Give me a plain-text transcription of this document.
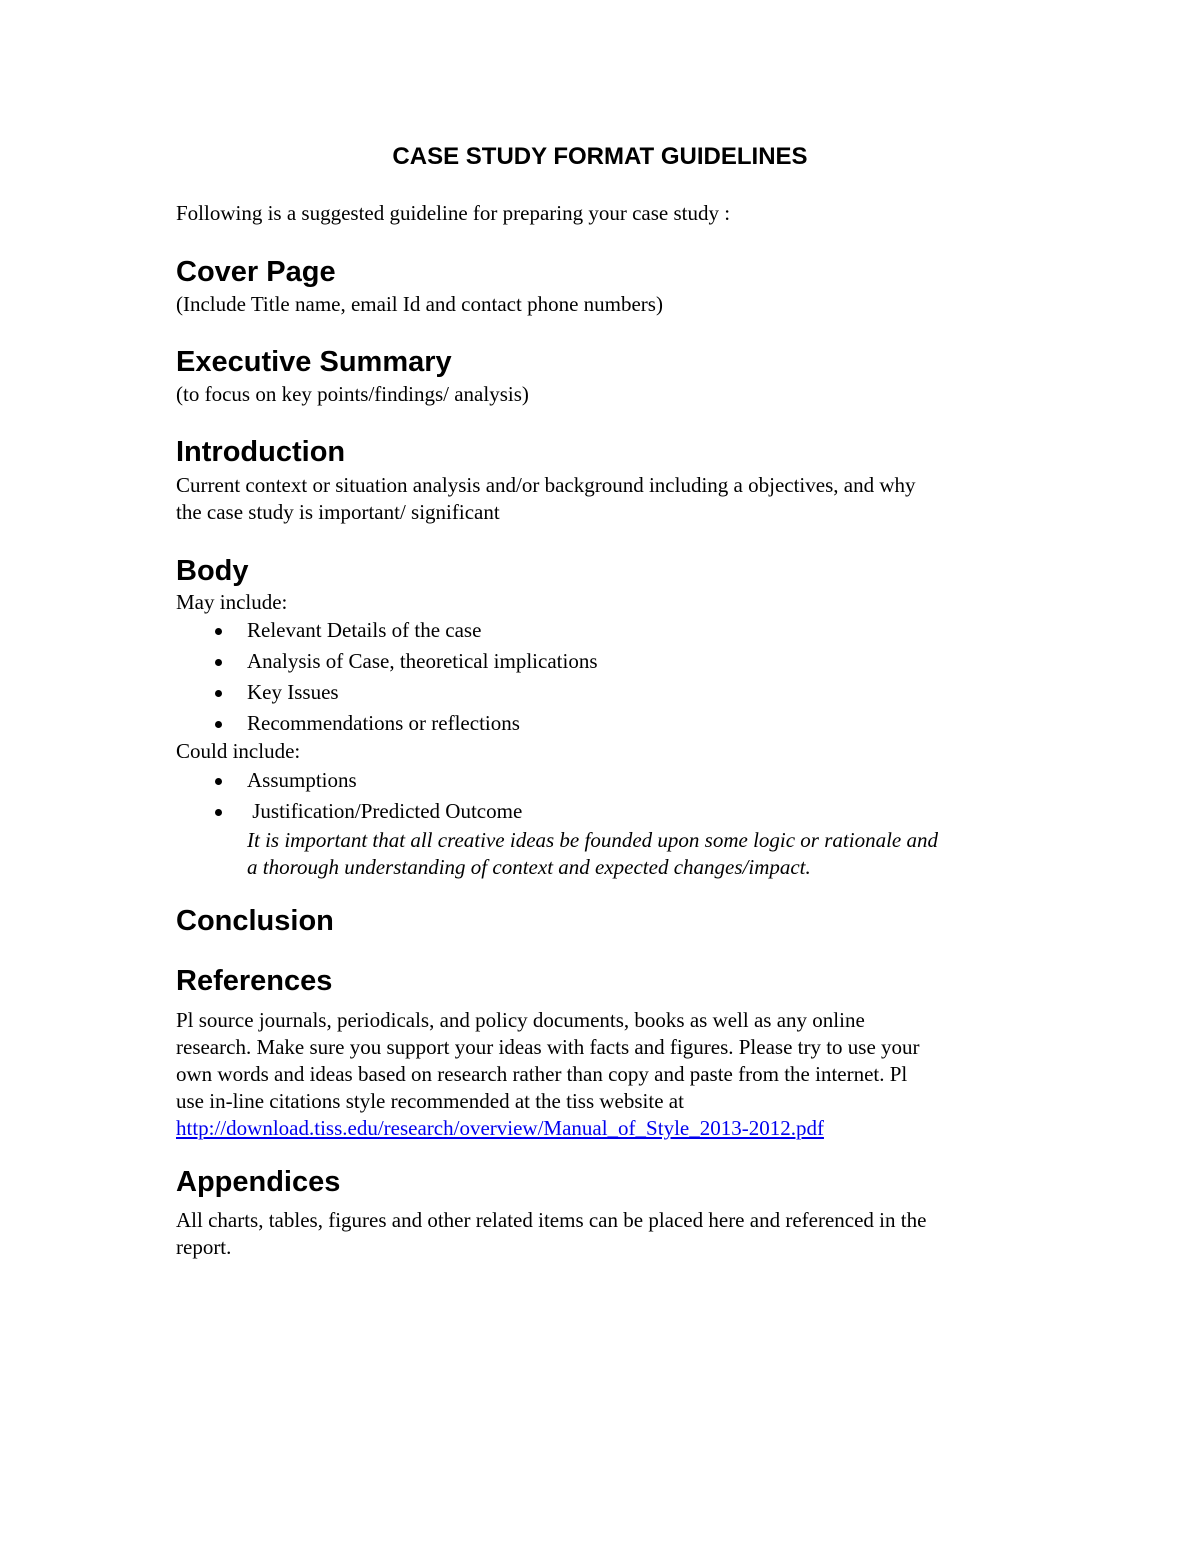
CASE STUDY FORMAT GUIDELINES

Following is a suggested guideline for preparing your case study :

Cover Page

(Include Title name, email Id and contact phone numbers)

Executive Summary

(to focus on key points/findings/ analysis)

Introduction

Current context or situation analysis and/or background including a objectives, and why

the case study is important/ significant

Body

May include:

Relevant Details of the case
Analysis of Case, theoretical implications
Key Issues
Recommendations or reflections

Could include:

Assumptions
Justification/Predicted Outcome

It is important that all creative ideas be founded upon some logic or rationale and

a thorough understanding of context and expected changes/impact.

Conclusion
References

Pl source journals, periodicals, and policy documents, books as well as any online

research. Make sure you support your ideas with facts and figures. Please try to use your

own words and ideas based on research rather than copy and paste from the internet. Pl

use in-line citations style recommended at the tiss website at

http://download.tiss.edu/research/overview/Manual_of_Style_2013-2012.pdf

Appendices

All charts, tables, figures and other related items can be placed here and referenced in the

report.
